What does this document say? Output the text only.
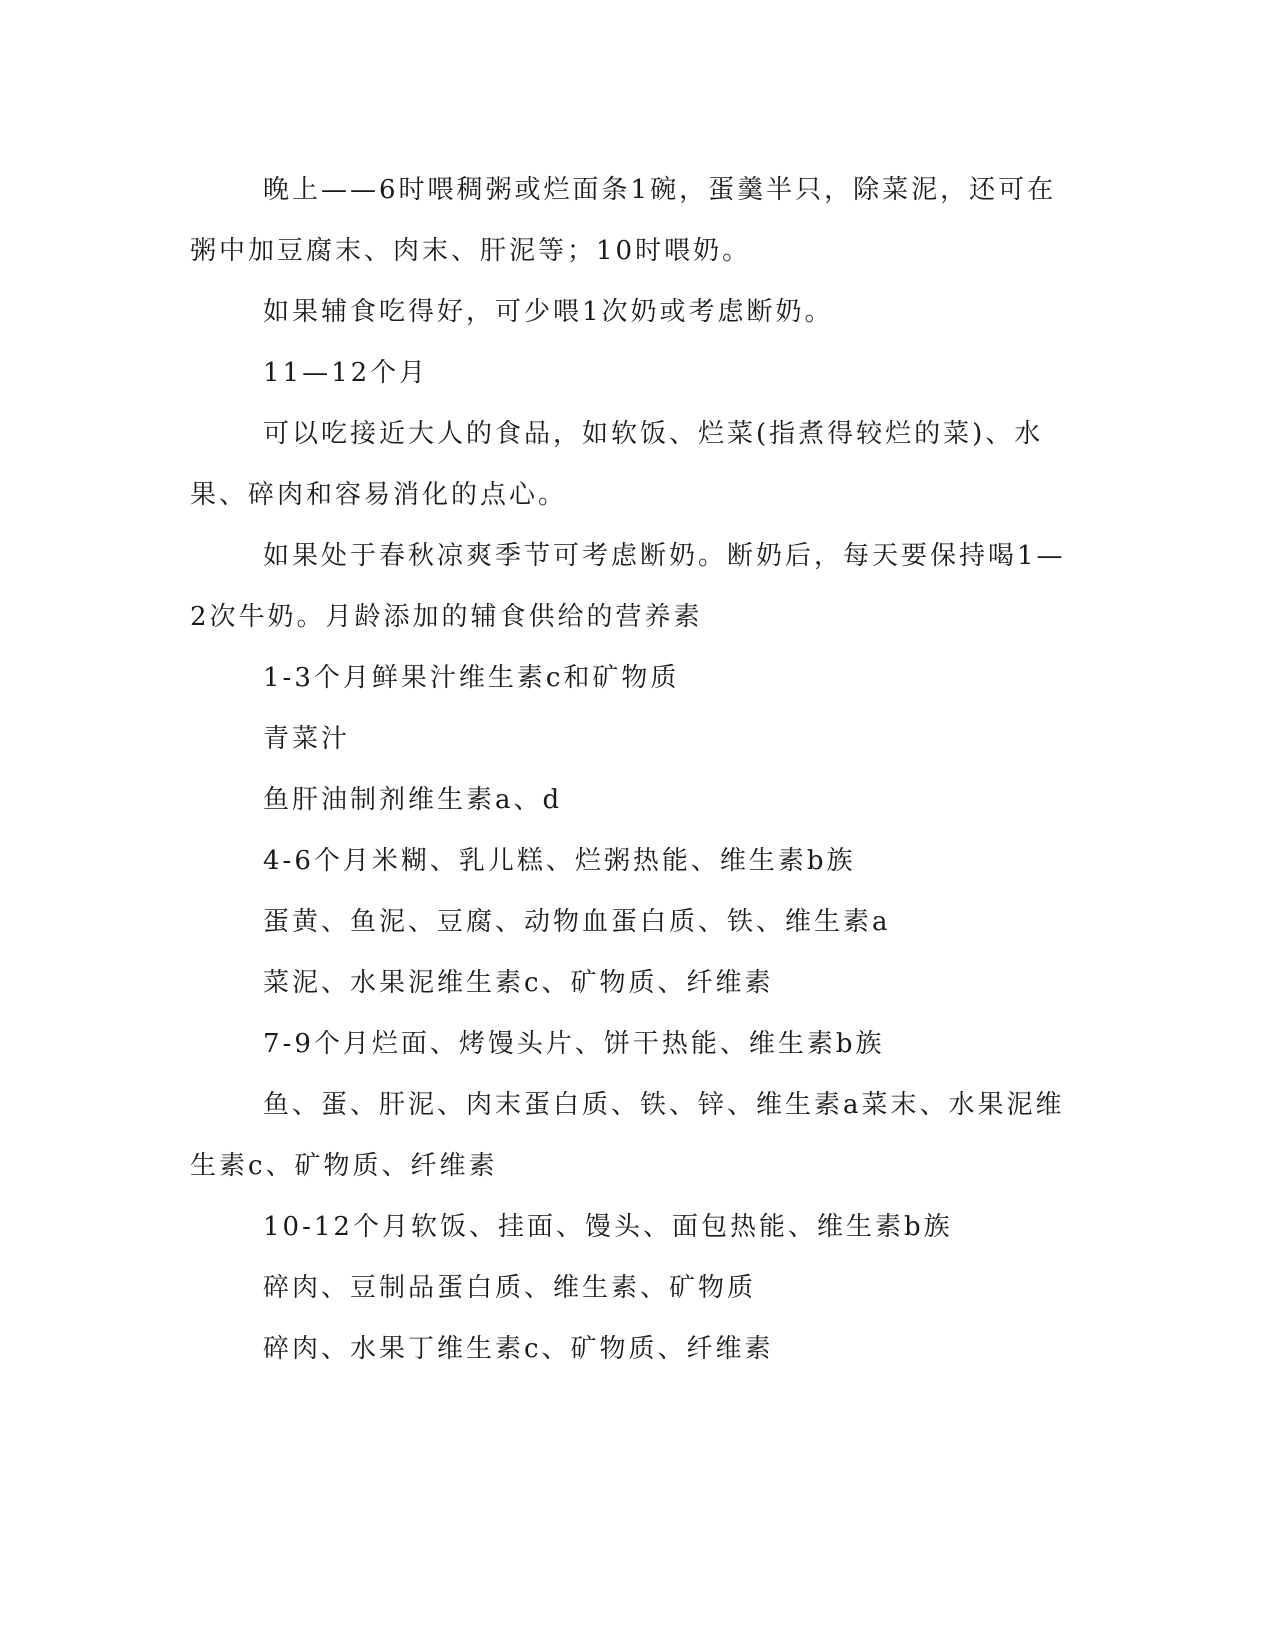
晚上——6时喂稠粥或烂面条1碗，蛋羹半只，除菜泥，还可在粥中加豆腐末、肉末、肝泥等；10时喂奶。

如果辅食吃得好，可少喂1次奶或考虑断奶。

11—12个月

可以吃接近大人的食品，如软饭、烂菜(指煮得较烂的菜)、水果、碎肉和容易消化的点心。

如果处于春秋凉爽季节可考虑断奶。断奶后，每天要保持喝1—2次牛奶。月龄添加的辅食供给的营养素

1-3个月鲜果汁维生素c和矿物质

青菜汁

鱼肝油制剂维生素a、d

4-6个月米糊、乳儿糕、烂粥热能、维生素b族

蛋黄、鱼泥、豆腐、动物血蛋白质、铁、维生素a

菜泥、水果泥维生素c、矿物质、纤维素

7-9个月烂面、烤馒头片、饼干热能、维生素b族

鱼、蛋、肝泥、肉末蛋白质、铁、锌、维生素a菜末、水果泥维生素c、矿物质、纤维素

10-12个月软饭、挂面、馒头、面包热能、维生素b族

碎肉、豆制品蛋白质、维生素、矿物质

碎肉、水果丁维生素c、矿物质、纤维素
